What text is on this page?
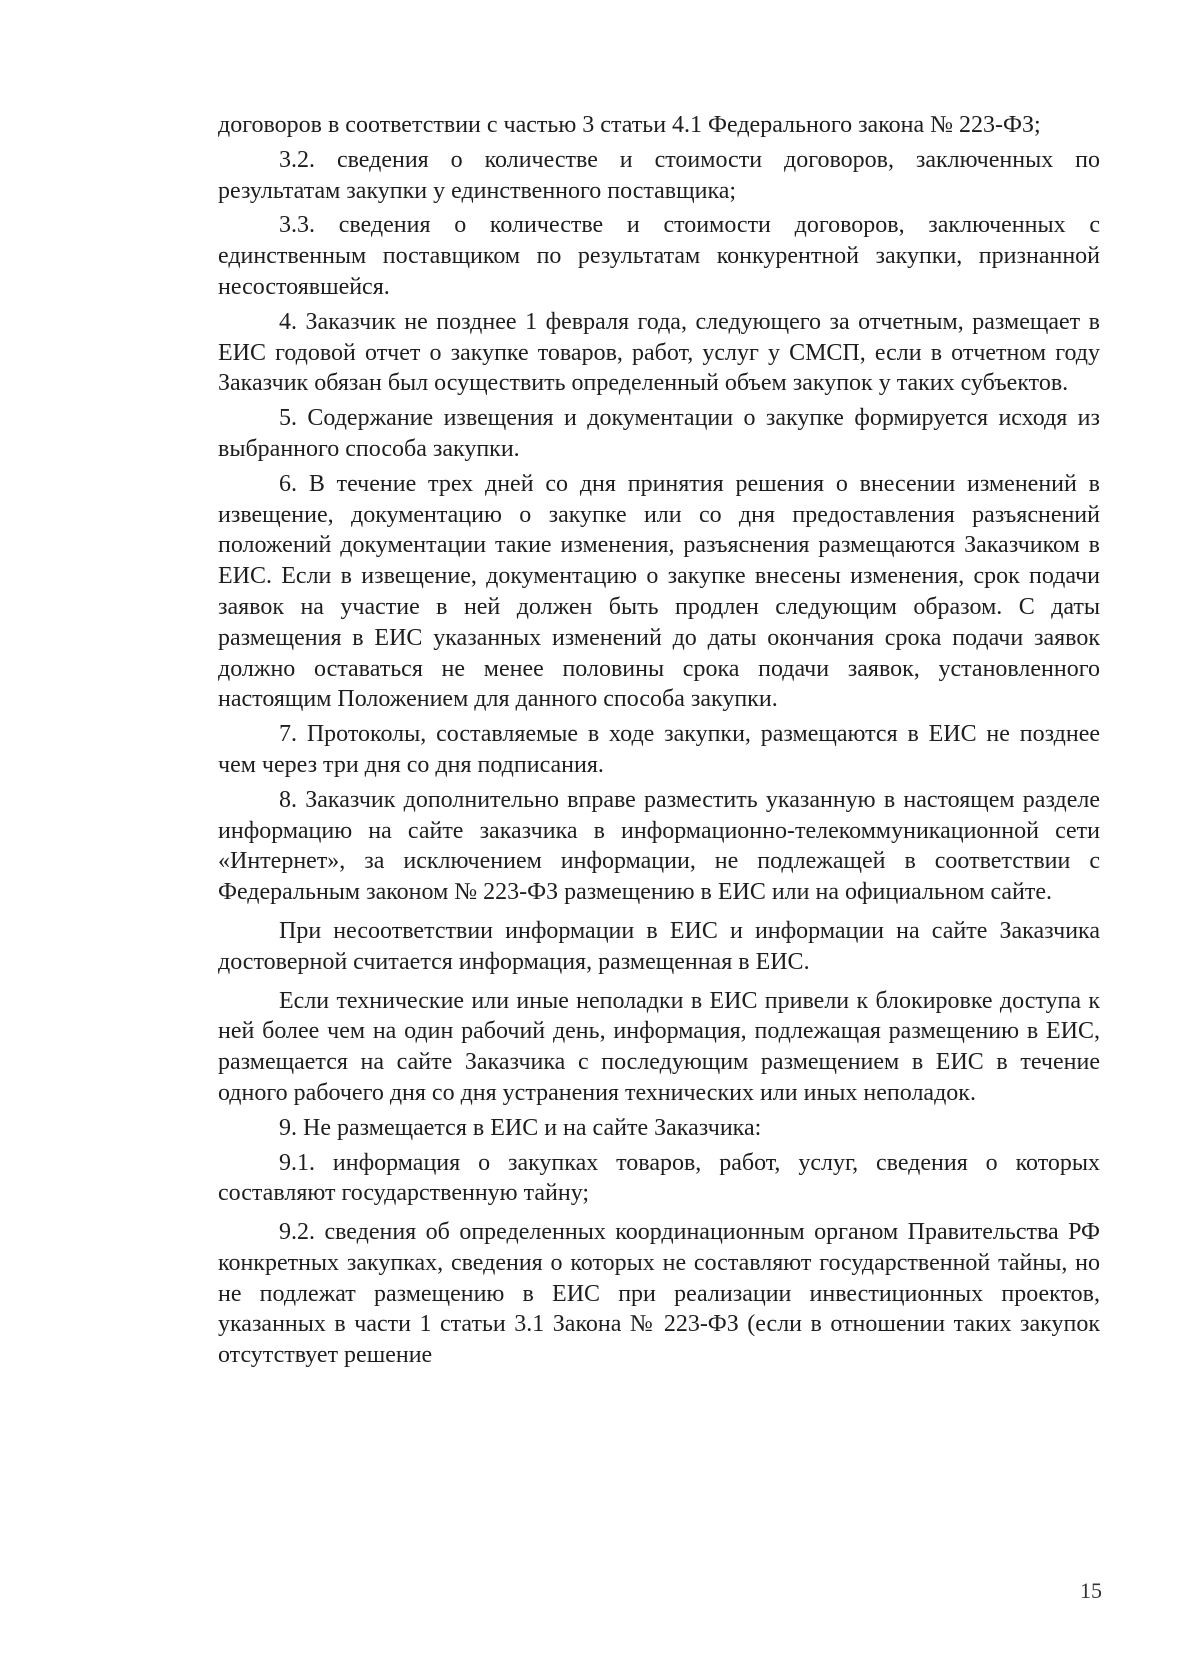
договоров в соответствии с частью 3 статьи 4.1 Федерального закона № 223-ФЗ;

3.2. сведения о количестве и стоимости договоров, заключенных по результатам закупки у единственного поставщика;

3.3. сведения о количестве и стоимости договоров, заключенных с единственным поставщиком по результатам конкурентной закупки, признанной несостоявшейся.

4. Заказчик не позднее 1 февраля года, следующего за отчетным, размещает в ЕИС годовой отчет о закупке товаров, работ, услуг у СМСП, если в отчетном году Заказчик обязан был осуществить определенный объем закупок у таких субъектов.

5. Содержание извещения и документации о закупке формируется исходя из выбранного способа закупки.

6. В течение трех дней со дня принятия решения о внесении изменений в извещение, документацию о закупке или со дня предоставления разъяснений положений документации такие изменения, разъяснения размещаются Заказчиком в ЕИС. Если в извещение, документацию о закупке внесены изменения, срок подачи заявок на участие в ней должен быть продлен следующим образом. С даты размещения в ЕИС указанных изменений до даты окончания срока подачи заявок должно оставаться не менее половины срока подачи заявок, установленного настоящим Положением для данного способа закупки.

7. Протоколы, составляемые в ходе закупки, размещаются в ЕИС не позднее чем через три дня со дня подписания.

8. Заказчик дополнительно вправе разместить указанную в настоящем разделе информацию на сайте заказчика в информационно-телекоммуникационной сети «Интернет», за исключением информации, не подлежащей в соответствии с Федеральным законом № 223-ФЗ размещению в ЕИС или на официальном сайте.

При несоответствии информации в ЕИС и информации на сайте Заказчика достоверной считается информация, размещенная в ЕИС.

Если технические или иные неполадки в ЕИС привели к блокировке доступа к ней более чем на один рабочий день, информация, подлежащая размещению в ЕИС, размещается на сайте Заказчика с последующим размещением в ЕИС в течение одного рабочего дня со дня устранения технических или иных неполадок.

9. Не размещается в ЕИС и на сайте Заказчика:

9.1. информация о закупках товаров, работ, услуг, сведения о которых составляют государственную тайну;

9.2. сведения об определенных координационным органом Правительства РФ конкретных закупках, сведения о которых не составляют государственной тайны, но не подлежат размещению в ЕИС при реализации инвестиционных проектов, указанных в части 1 статьи 3.1 Закона № 223-ФЗ (если в отношении таких закупок отсутствует решение

15
